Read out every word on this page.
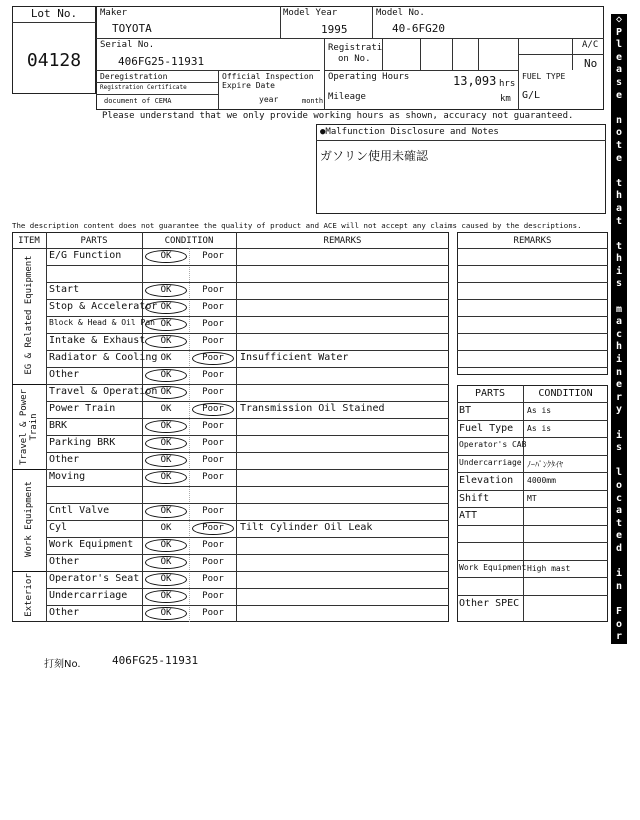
Lot No.
04128
Maker
TOYOTA
Model Year
1995
Model No.
40-6FG20
Serial No.
406FG25-11931
Registrati
on No.
A/C
No
Deregistration
Registration Certificate
document of CEMA
Official Inspection
Expire Date
year	month
Operating Hours	13,093 hrs
Mileage	km
FUEL TYPE
G/L
Please understand that we only provide working hours as shown, accuracy not guaranteed.
●Malfunction Disclosure and Notes
ガソリン使用未確認
The description content does not guarantee the quality of product and ACE will not accept any claims caused by the descriptions.
ITEM	PARTS	CONDITION	REMARKS
EG & Related Equipment
Travel & Power Train
Work Equipment
Exterior
E/G Function	OK	Poor
Start	OK	Poor
Stop & Accelerator OK	Poor
Block & Head & Oil Pan OK	Poor
Intake & Exhaust	OK	Poor
Radiator & Cooling OK	Poor	Insufficient Water
Other	OK	Poor
Travel & Operation OK	Poor
Power Train	OK	Poor	Transmission Oil Stained
BRK	OK	Poor
Parking BRK	OK	Poor
Other	OK	Poor
Moving	OK	Poor
Cntl Valve	OK	Poor
Cyl	OK	Poor	Tilt Cylinder Oil Leak
Work Equipment	OK	Poor
Other	OK	Poor
Operator's Seat	OK	Poor
Undercarriage	OK	Poor
Other	OK	Poor
REMARKS
PARTS	CONDITION
BT	As is
Fuel Type As is
Operator's CAB
Undercarriage ﾉｰﾊﾟﾝｸﾀｲﾔ
Elevation 4000mm
Shift	MT
ATT
Work Equipment High mast
Other SPEC
◇
P
l
e
a
s
e

n
o
t
e

t
h
a
t

t
h
i
s

m
a
c
h
i
n
e
r
y

i
s

l
o
c
a
t
e
d

i
n

F
o
r
k
l
i
f
t

P
a
r
k
i
n
g
◇
打刻No.	406FG25-11931
